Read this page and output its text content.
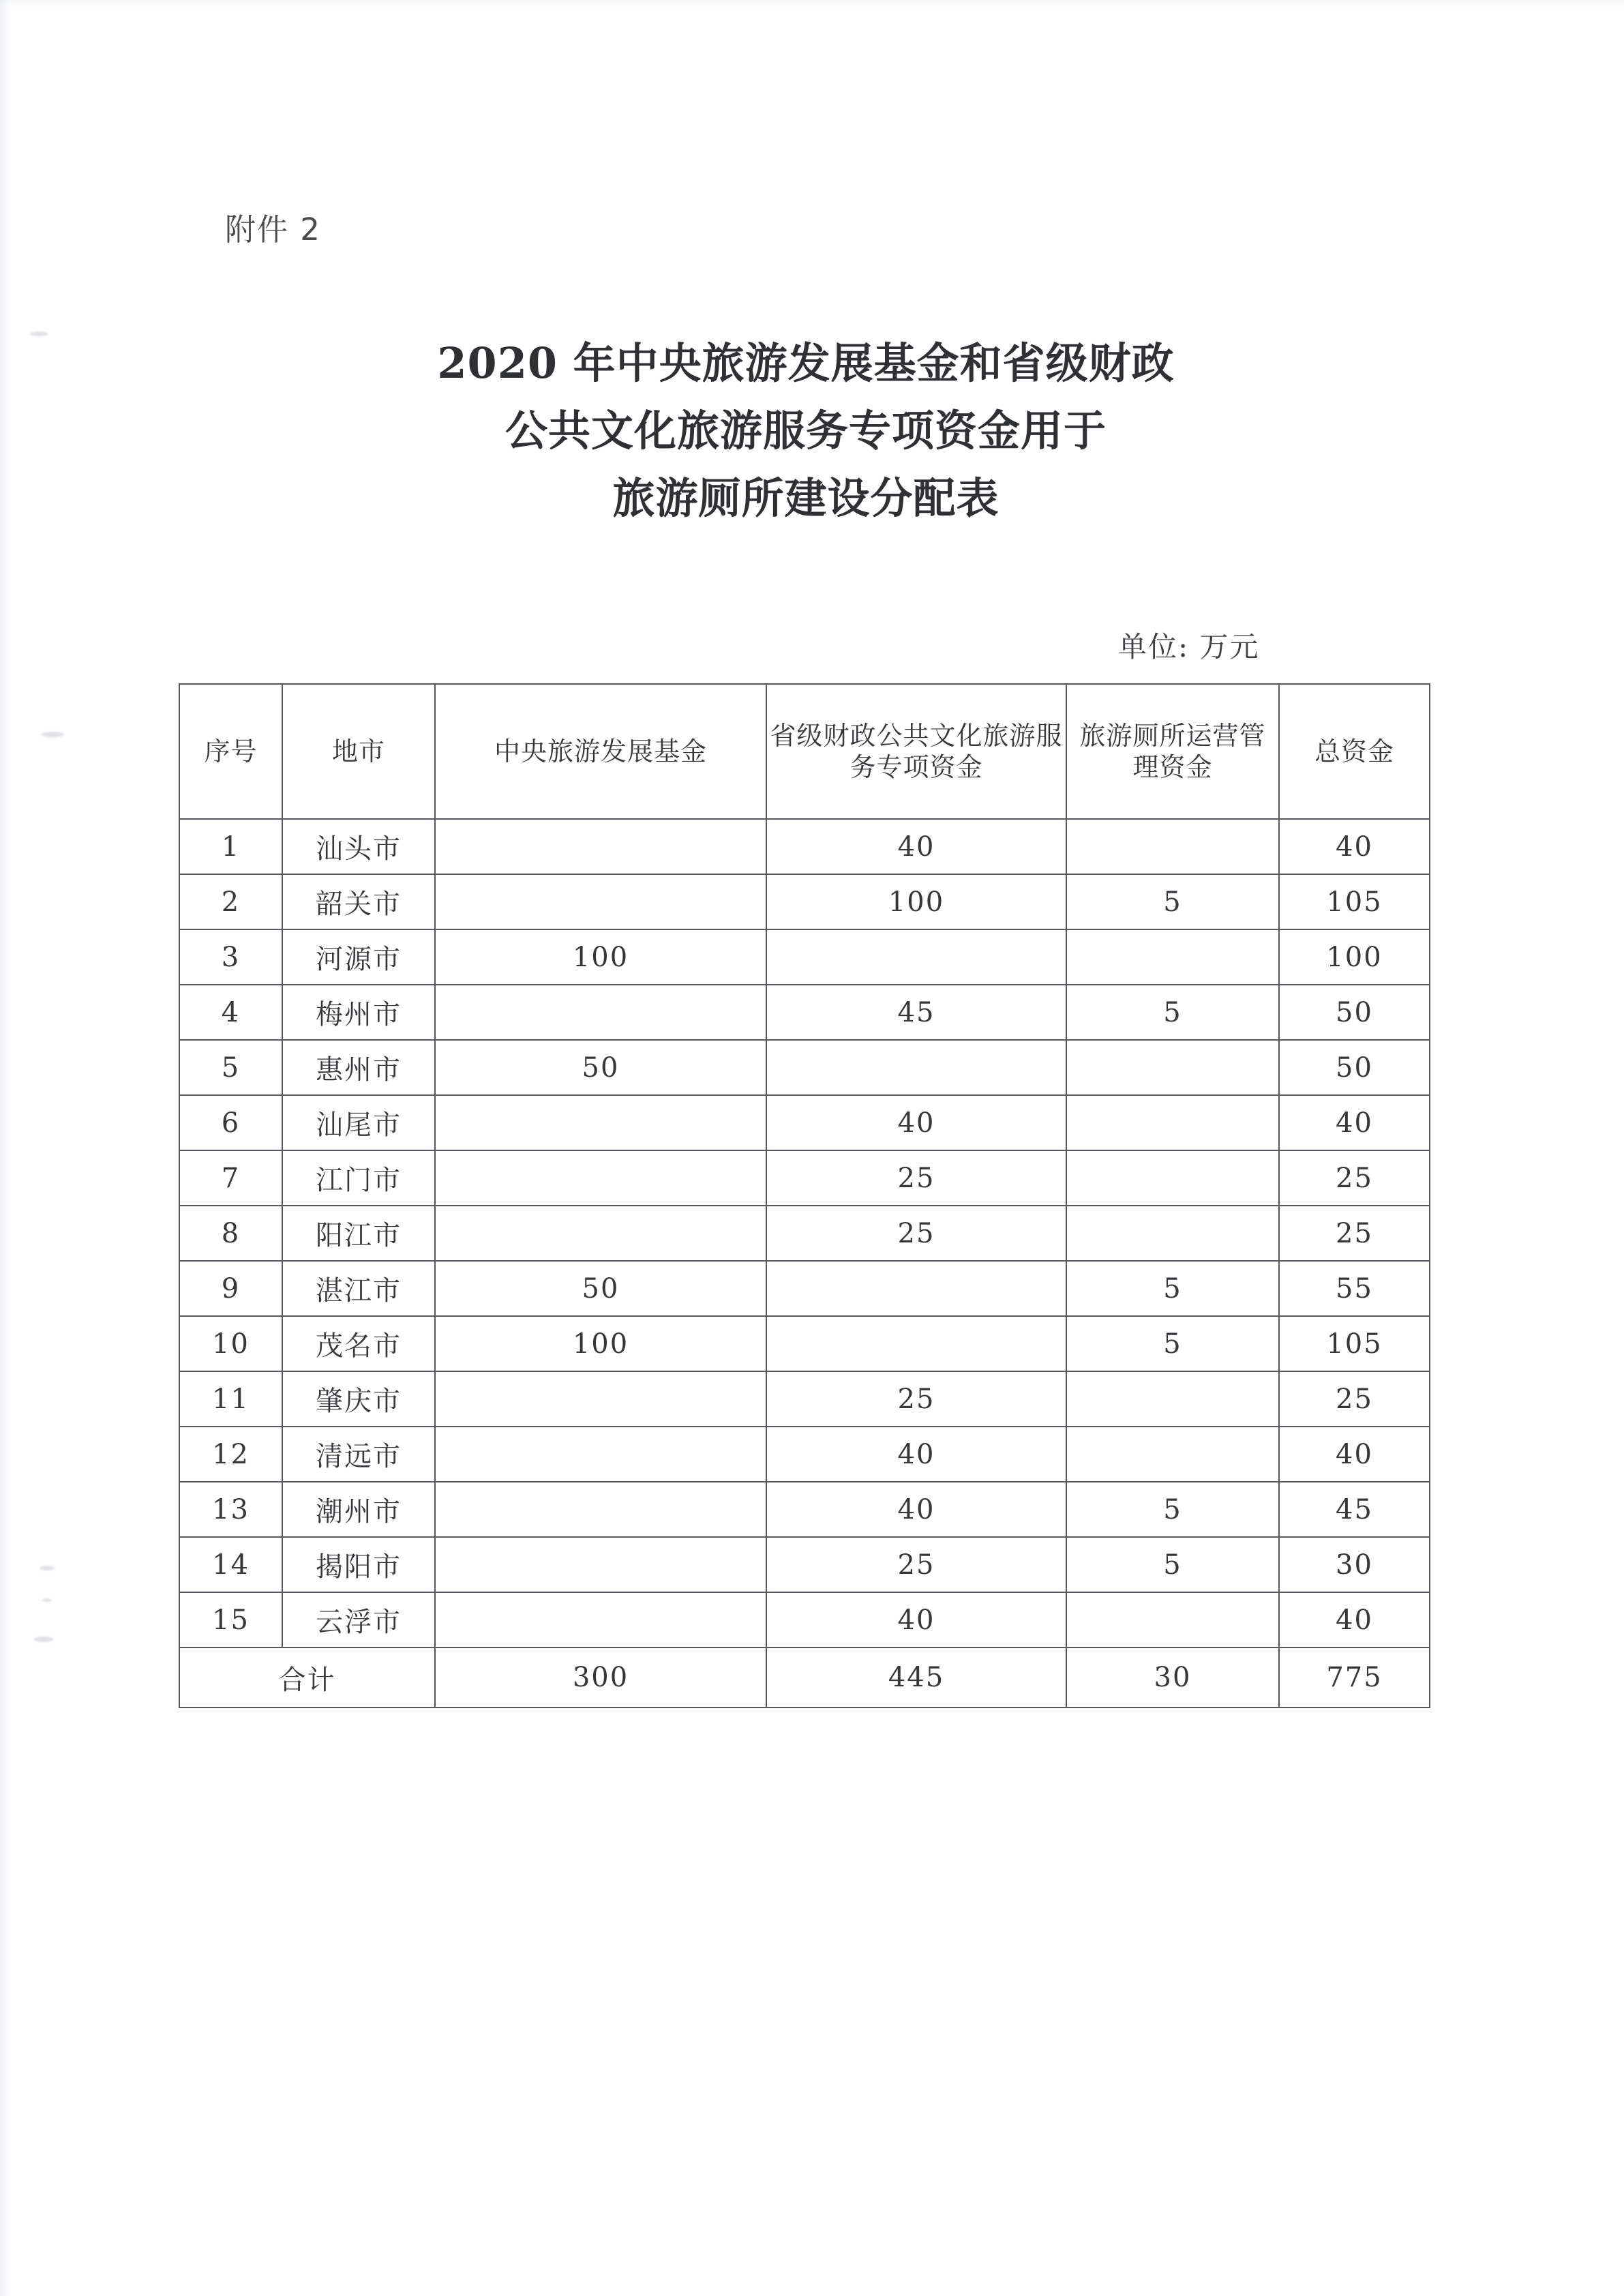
附件 2
2020 年中央旅游发展基金和省级财政
公共文化旅游服务专项资金用于
旅游厕所建设分配表
单位: 万元
序号	地市	中央旅游发展基金	省级财政公共文化旅游服务专项资金	旅游厕所运营管理资金	总资金
1	汕头市		40		40
2	韶关市		100	5	105
3	河源市	100			100
4	梅州市		45	5	50
5	惠州市	50			50
6	汕尾市		40		40
7	江门市		25		25
8	阳江市		25		25
9	湛江市	50		5	55
10	茂名市	100		5	105
11	肇庆市		25		25
12	清远市		40		40
13	潮州市		40	5	45
14	揭阳市		25	5	30
15	云浮市		40		40
合计		300	445	30	775
